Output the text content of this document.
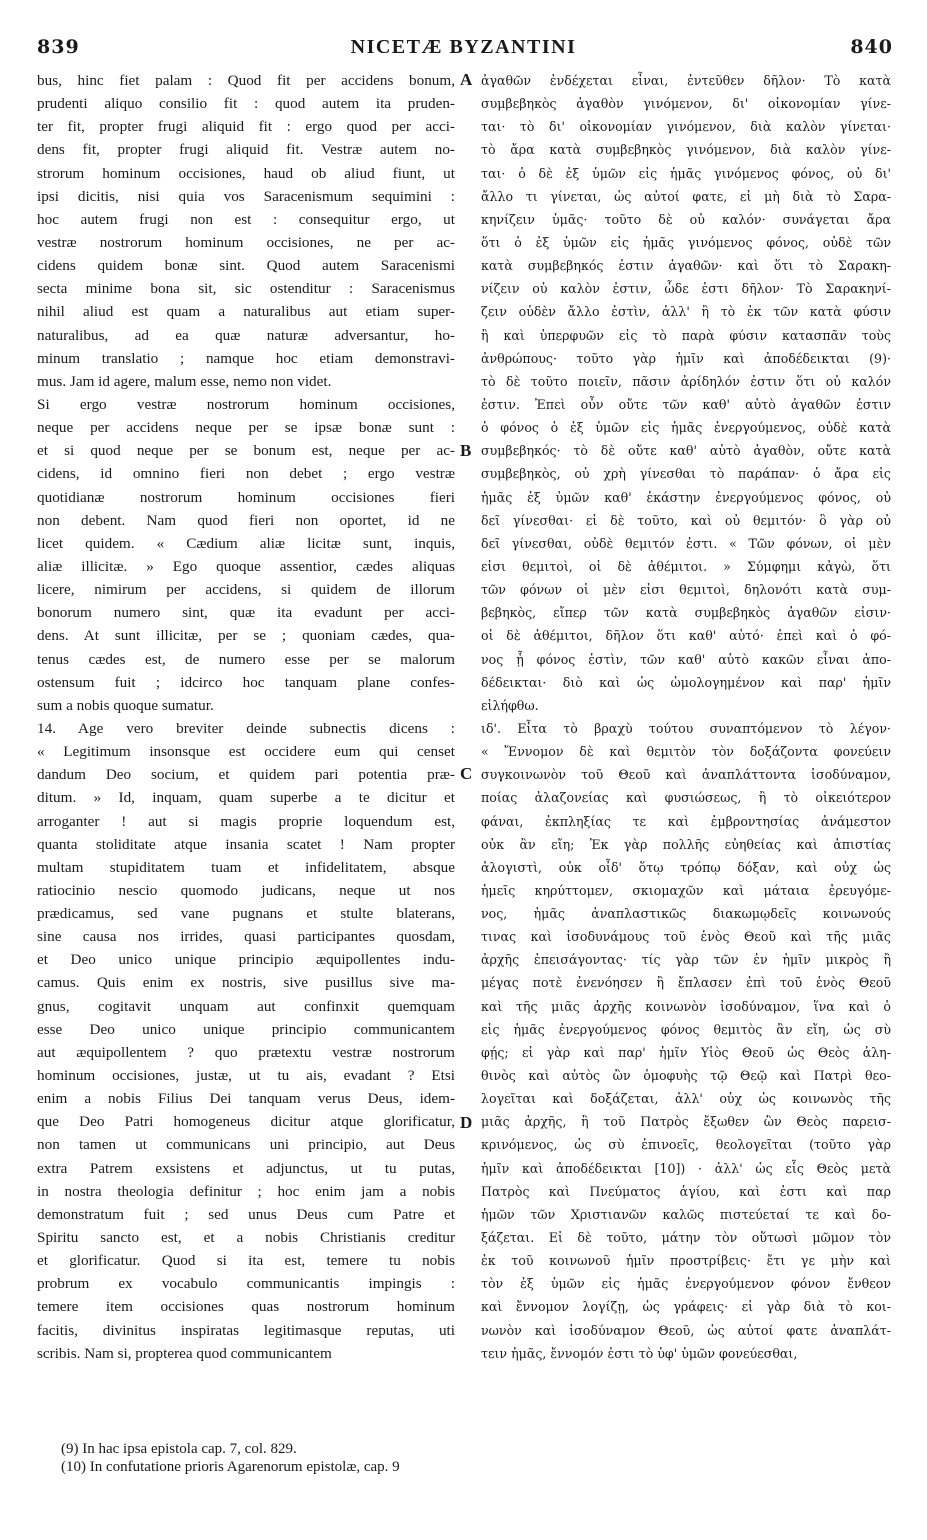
839	NICETÆ BYZANTINI	840
bus, hinc fiet palam : Quod fit per accidens bonum,
prudenti aliquo consilio fit : quod autem ita pruden-
ter fit, propter frugi aliquid fit : ergo quod per acci-
dens fit, propter frugi aliquid fit. Vestræ autem no-
strorum hominum occisiones, haud ob aliud fiunt, ut
ipsi dicitis, nisi quia vos Saracenismum sequimini :
hoc autem frugi non est : consequitur ergo, ut
vestræ nostrorum hominum occisiones, ne per ac-
cidens quidem bonæ sint. Quod autem Saracenismi
secta minime bona sit, sic ostenditur : Saracenismus
nihil aliud est quam a naturalibus aut etiam super-
naturalibus, ad ea quæ naturæ adversantur, ho-
minum translatio ; namque hoc etiam demonstravi-
mus. Jam id agere, malum esse, nemo non videt.
Si ergo vestræ nostrorum hominum occisiones,
neque per accidens neque per se ipsæ bonæ sunt :
et si quod neque per se bonum est, neque per ac-
cidens, id omnino fieri non debet ; ergo vestræ
quotidianæ nostrorum hominum occisiones fieri
non debent. Nam quod fieri non oportet, id ne
licet quidem. « Cædium aliæ licitæ sunt, inquis,
aliæ illicitæ. » Ego quoque assentior, cædes aliquas
licere, nimirum per accidens, si quidem de illorum
bonorum numero sint, quæ ita evadunt per acci-
dens. At sunt illicitæ, per se ; quoniam cædes, qua-
tenus cædes est, de numero esse per se malorum
ostensum fuit ; idcirco hoc tanquam plane confes-
sum a nobis quoque sumatur.
14. Age vero breviter deinde subnectis dicens :
« Legitimum insonsque est occidere eum qui censet
dandum Deo socium, et quidem pari potentia præ-
ditum. » Id, inquam, quam superbe a te dicitur et
arroganter ! aut si magis proprie loquendum est,
quanta stoliditate atque insania scatet ! Nam propter
multam stupiditatem tuam et infidelitatem, absque
ratiocinio nescio quomodo judicans, neque ut nos
prædicamus, sed vane pugnans et stulte blaterans,
sine causa nos irrides, quasi participantes quosdam,
et Deo unico unique principio æquipollentes indu-
camus. Quis enim ex nostris, sive pusillus sive ma-
gnus, cogitavit unquam aut confinxit quemquam
esse Deo unico unique principio communicantem
aut æquipollentem ? quo prætextu vestræ nostrorum
hominum occisiones, justæ, ut tu ais, evadant ? Etsi
enim a nobis Filius Dei tanquam verus Deus, idem-
que Deo Patri homogeneus dicitur atque glorificatur,
non tamen ut communicans uni principio, aut Deus
extra Patrem exsistens et adjunctus, ut tu putas,
in nostra theologia definitur ; hoc enim jam a nobis
demonstratum fuit ; sed unus Deus cum Patre et
Spiritu sancto est, et a nobis Christianis creditur
et glorificatur. Quod si ita est, temere tu nobis
probrum ex vocabulo communicantis impingis :
temere item occisiones quas nostrorum hominum
facitis, divinitus inspiratas legitimasque reputas, uti
scribis. Nam si, propterea quod communicantem
A
B
C
D
ἀγαθῶν ἐνδέχεται εἶναι, ἐντεῦθεν δῆλον· Τὸ κατὰ
συμβεβηκὸς ἀγαθὸν γινόμενον, δι' οἰκονομίαν γίνε-
ται· τὸ δι' οἰκονομίαν γινόμενον, διὰ καλὸν γίνεται·
τὸ ἄρα κατὰ συμβεβηκὸς γινόμενον, διὰ καλὸν γίνε-
ται· ὁ δὲ ἐξ ὑμῶν εἰς ἡμᾶς γινόμενος φόνος, οὐ δι'
ἄλλο τι γίνεται, ὡς αὐτοί φατε, εἰ μὴ διὰ τὸ Σαρα-
κηνίζειν ὑμᾶς· τοῦτο δὲ οὐ καλόν· συνάγεται ἄρα
ὅτι ὁ ἐξ ὑμῶν εἰς ἡμᾶς γινόμενος φόνος, οὐδὲ τῶν
κατὰ συμβεβηκός ἐστιν ἀγαθῶν· καὶ ὅτι τὸ Σαρακη-
νίζειν οὐ καλὸν ἐστιν, ὧδε ἐστι δῆλον· Τὸ Σαρακηνί-
ζειν οὐδὲν ἄλλο ἐστὶν, ἀλλ' ἢ τὸ ἐκ τῶν κατὰ φύσιν
ἢ καὶ ὑπερφυῶν εἰς τὸ παρὰ φύσιν κατασπᾶν τοὺς
ἀνθρώπους· τοῦτο γὰρ ἡμῖν καὶ ἀποδέδεικται (9)·
τὸ δὲ τοῦτο ποιεῖν, πᾶσιν ἀρίδηλόν ἐστιν ὅτι οὐ καλόν
ἐστιν. Ἐπεὶ οὖν οὔτε τῶν καθ' αὑτὸ ἀγαθῶν ἐστιν
ὁ φόνος ὁ ἐξ ὑμῶν εἰς ἡμᾶς ἐνεργούμενος, οὐδὲ κατὰ
συμβεβηκός· τὸ δὲ οὔτε καθ' αὑτὸ ἀγαθὸν, οὔτε κατὰ
συμβεβηκὸς, οὐ χρὴ γίνεσθαι τὸ παράπαν· ὁ ἄρα εἰς
ἡμᾶς ἐξ ὑμῶν καθ' ἑκάστην ἐνεργούμενος φόνος, οὐ
δεῖ γίνεσθαι· εἰ δὲ τοῦτο, καὶ οὐ θεμιτόν· ὃ γὰρ οὐ
δεῖ γίνεσθαι, οὐδὲ θεμιτόν ἐστι. « Τῶν φόνων, οἱ μὲν
εἰσι θεμιτοὶ, οἱ δὲ ἀθέμιτοι. » Σύμφημι κἀγὼ, ὅτι
τῶν φόνων οἱ μὲν εἰσι θεμιτοὶ, δηλονότι κατὰ συμ-
βεβηκὸς, εἴπερ τῶν κατὰ συμβεβηκὸς ἀγαθῶν εἰσιν·
οἱ δὲ ἀθέμιτοι, δῆλον ὅτι καθ' αὑτό· ἐπεὶ καὶ ὁ φό-
νος ᾗ φόνος ἐστὶν, τῶν καθ' αὑτὸ κακῶν εἶναι ἀπο-
δέδεικται· διὸ καὶ ὡς ὡμολογημένον καὶ παρ' ἡμῖν
εἰλήφθω.
ιδ'. Εἶτα τὸ βραχὺ τούτου συναπτόμενον τὸ λέγον·
« Ἔννομον δὲ καὶ θεμιτὸν τὸν δοξάζοντα φονεύειν
συγκοινωνὸν τοῦ Θεοῦ καὶ ἀναπλάττοντα ἰσοδύναμον,
ποίας ἀλαζονείας καὶ φυσιώσεως, ἢ τὸ οἰκειότερον
φάναι, ἐκπληξίας τε καὶ ἐμβροντησίας ἀνάμεστον
οὐκ ἂν εἴη; Ἐκ γὰρ πολλῆς εὐηθείας καὶ ἀπιστίας
ἀλογιστὶ, οὐκ οἶδ' ὅτῳ τρόπῳ δόξαν, καὶ οὐχ ὡς
ἡμεῖς κηρύττομεν, σκιομαχῶν καὶ μάταια ἐρευγόμε-
νος, ἡμᾶς ἀναπλαστικῶς διακωμῳδεῖς κοινωνούς
τινας καὶ ἰσοδυνάμους τοῦ ἑνὸς Θεοῦ καὶ τῆς μιᾶς
ἀρχῆς ἐπεισάγοντας· τίς γὰρ τῶν ἐν ἡμῖν μικρὸς ἢ
μέγας ποτὲ ἐνενόησεν ἢ ἔπλασεν ἐπὶ τοῦ ἑνὸς Θεοῦ
καὶ τῆς μιᾶς ἀρχῆς κοινωνὸν ἰσοδύναμον, ἵνα καὶ ὁ
εἰς ἡμᾶς ἐνεργούμενος φόνος θεμιτὸς ἂν εἴη, ὡς σὺ
φῄς; εἰ γὰρ καὶ παρ' ἡμῖν Υἱὸς Θεοῦ ὡς Θεὸς ἀλη-
θινὸς καὶ αὐτὸς ὢν ὁμοφυὴς τῷ Θεῷ καὶ Πατρὶ θεο-
λογεῖται καὶ δοξάζεται, ἀλλ' οὐχ ὡς κοινωνὸς τῆς
μιᾶς ἀρχῆς, ἢ τοῦ Πατρὸς ἔξωθεν ὢν Θεὸς παρεισ-
κρινόμενος, ὡς σὺ ἐπινοεῖς, θεολογεῖται (τοῦτο γὰρ
ἡμῖν καὶ ἀποδέδεικται [10]) · ἀλλ' ὡς εἷς Θεὸς μετὰ
Πατρὸς καὶ Πνεύματος ἁγίου, καὶ ἐστι καὶ παρ
ἡμῶν τῶν Χριστιανῶν καλῶς πιστεύεταί τε καὶ δο-
ξάζεται. Εἰ δὲ τοῦτο, μάτην τὸν οὕτωσὶ μῶμον τὸν
ἐκ τοῦ κοινωνοῦ ἡμῖν προστρίβεις· ἔτι γε μὴν καὶ
τὸν ἐξ ὑμῶν εἰς ἡμᾶς ἐνεργούμενον φόνον ἔνθεον
καὶ ἔννομον λογίζῃ, ὡς γράφεις· εἰ γὰρ διὰ τὸ κοι-
νωνὸν καὶ ἰσοδύναμον Θεοῦ, ὡς αὐτοί φατε ἀναπλάτ-
τειν ἡμᾶς, ἔννομόν ἐστι τὸ ὑφ' ὑμῶν φονεύεσθαι,
(9) In hac ipsa epistola cap. 7, col. 829.
(10) In confutatione prioris Agarenorum epistolæ, cap. 9
